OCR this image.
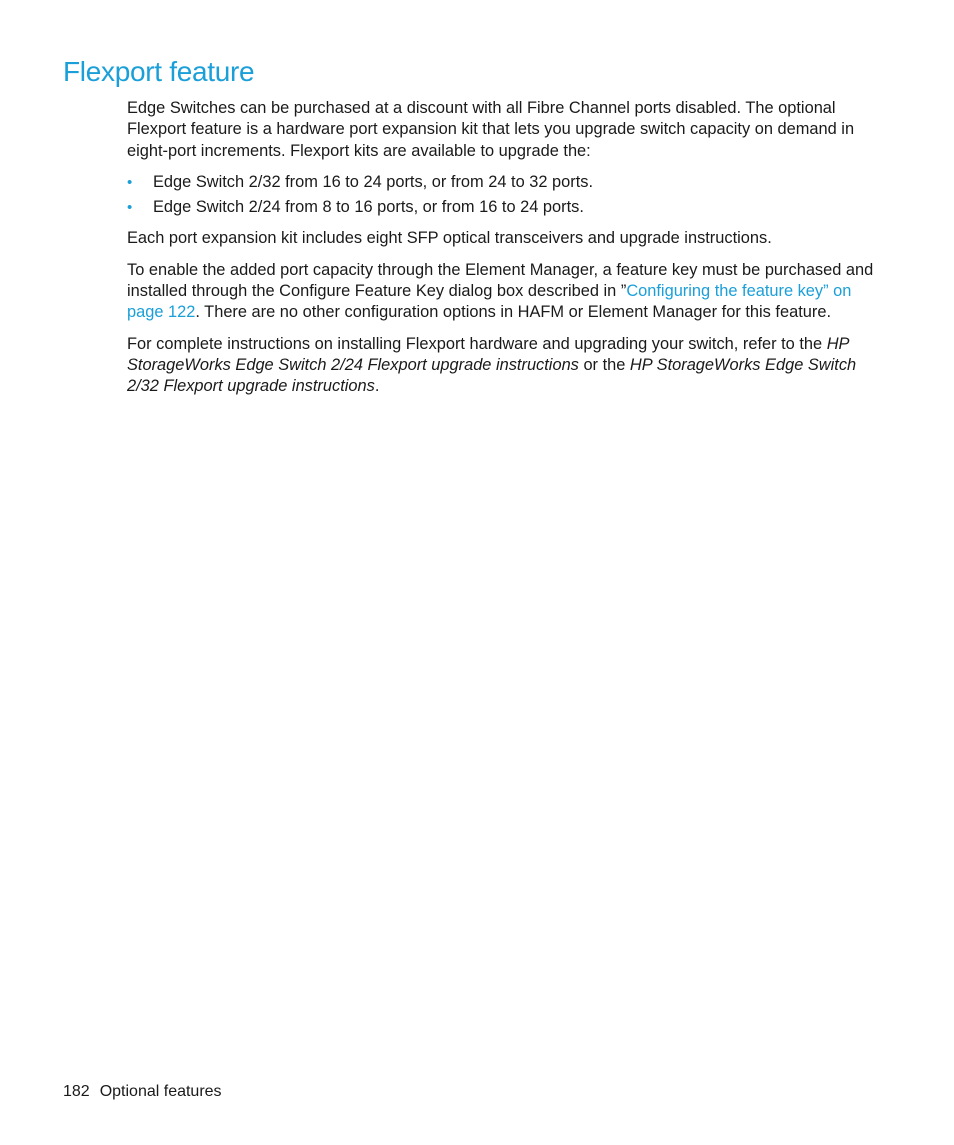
Flexport feature

Edge Switches can be purchased at a discount with all Fibre Channel ports disabled. The optional Flexport feature is a hardware port expansion kit that lets you upgrade switch capacity on demand in eight-port increments. Flexport kits are available to upgrade the:

• Edge Switch 2/32 from 16 to 24 ports, or from 24 to 32 ports.
• Edge Switch 2/24 from 8 to 16 ports, or from 16 to 24 ports.

Each port expansion kit includes eight SFP optical transceivers and upgrade instructions.

To enable the added port capacity through the Element Manager, a feature key must be purchased and installed through the Configure Feature Key dialog box described in ”Configuring the feature key” on page 122. There are no other configuration options in HAFM or Element Manager for this feature.

For complete instructions on installing Flexport hardware and upgrading your switch, refer to the HP StorageWorks Edge Switch 2/24 Flexport upgrade instructions or the HP StorageWorks Edge Switch 2/32 Flexport upgrade instructions.

182 Optional features
